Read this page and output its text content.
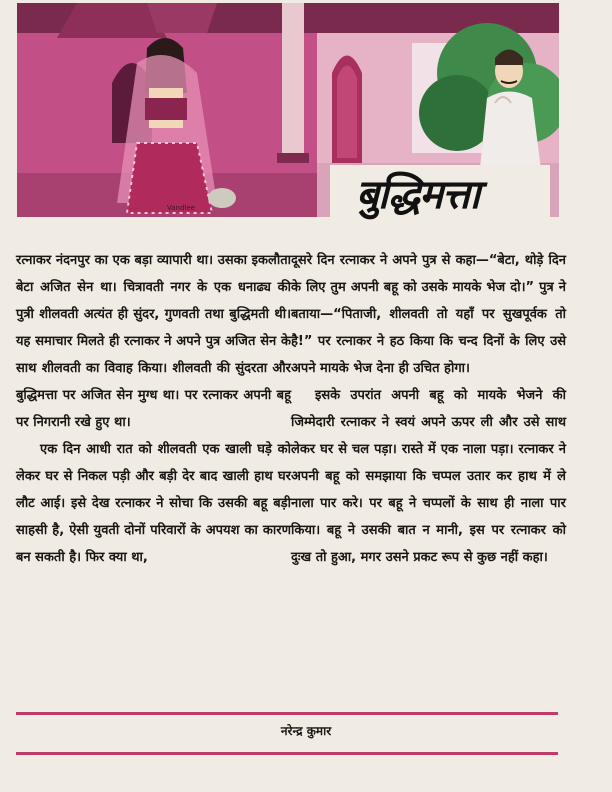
Vandlee	बुद्धिमत्ता

रत्नाकर नंदनपुर का एक बड़ा व्यापारी था। उसका इकलौता बेटा अजित सेन था। चित्रावती नगर के एक धनाढ्य की पुत्री शीलवती अत्यंत ही सुंदर, गुणवती तथा बुद्धिमती थी। यह समाचार मिलते ही रत्नाकर ने अपने पुत्र अजित सेन के साथ शीलवती का विवाह किया। शीलवती की सुंदरता और बुद्धिमत्ता पर अजित सेन मुग्ध था। पर रत्नाकर अपनी बहू पर निगरानी रखे हुए था।

एक दिन आधी रात को शीलवती एक खाली घड़े को लेकर घर से निकल पड़ी और बड़ी देर बाद खाली हाथ घर लौट आई। इसे देख रत्नाकर ने सोचा कि उसकी बहू बड़ी साहसी है, ऐसी युवती दोनों परिवारों के अपयश का कारण बन सकती है। फिर क्या था,

दूसरे दिन रत्नाकर ने अपने पुत्र से कहा—“बेटा, थोड़े दिन के लिए तुम अपनी बहू को उसके मायके भेज दो।” पुत्र ने बताया—“पिताजी, शीलवती तो यहाँ पर सुखपूर्वक तो है!” पर रत्नाकर ने हठ किया कि चन्द दिनों के लिए उसे अपने मायके भेज देना ही उचित होगा।

इसके उपरांत अपनी बहू को मायके भेजने की जिम्मेदारी रत्नाकर ने स्वयं अपने ऊपर ली और उसे साथ लेकर घर से चल पड़ा। रास्ते में एक नाला पड़ा। रत्नाकर ने अपनी बहू को समझाया कि चप्पल उतार कर हाथ में ले नाला पार करे। पर बहू ने चप्पलों के साथ ही नाला पार किया। बहू ने उसकी बात न मानी, इस पर रत्नाकर को दुःख तो हुआ, मगर उसने प्रकट रूप से कुछ नहीं कहा।

नरेन्द्र कुमार
